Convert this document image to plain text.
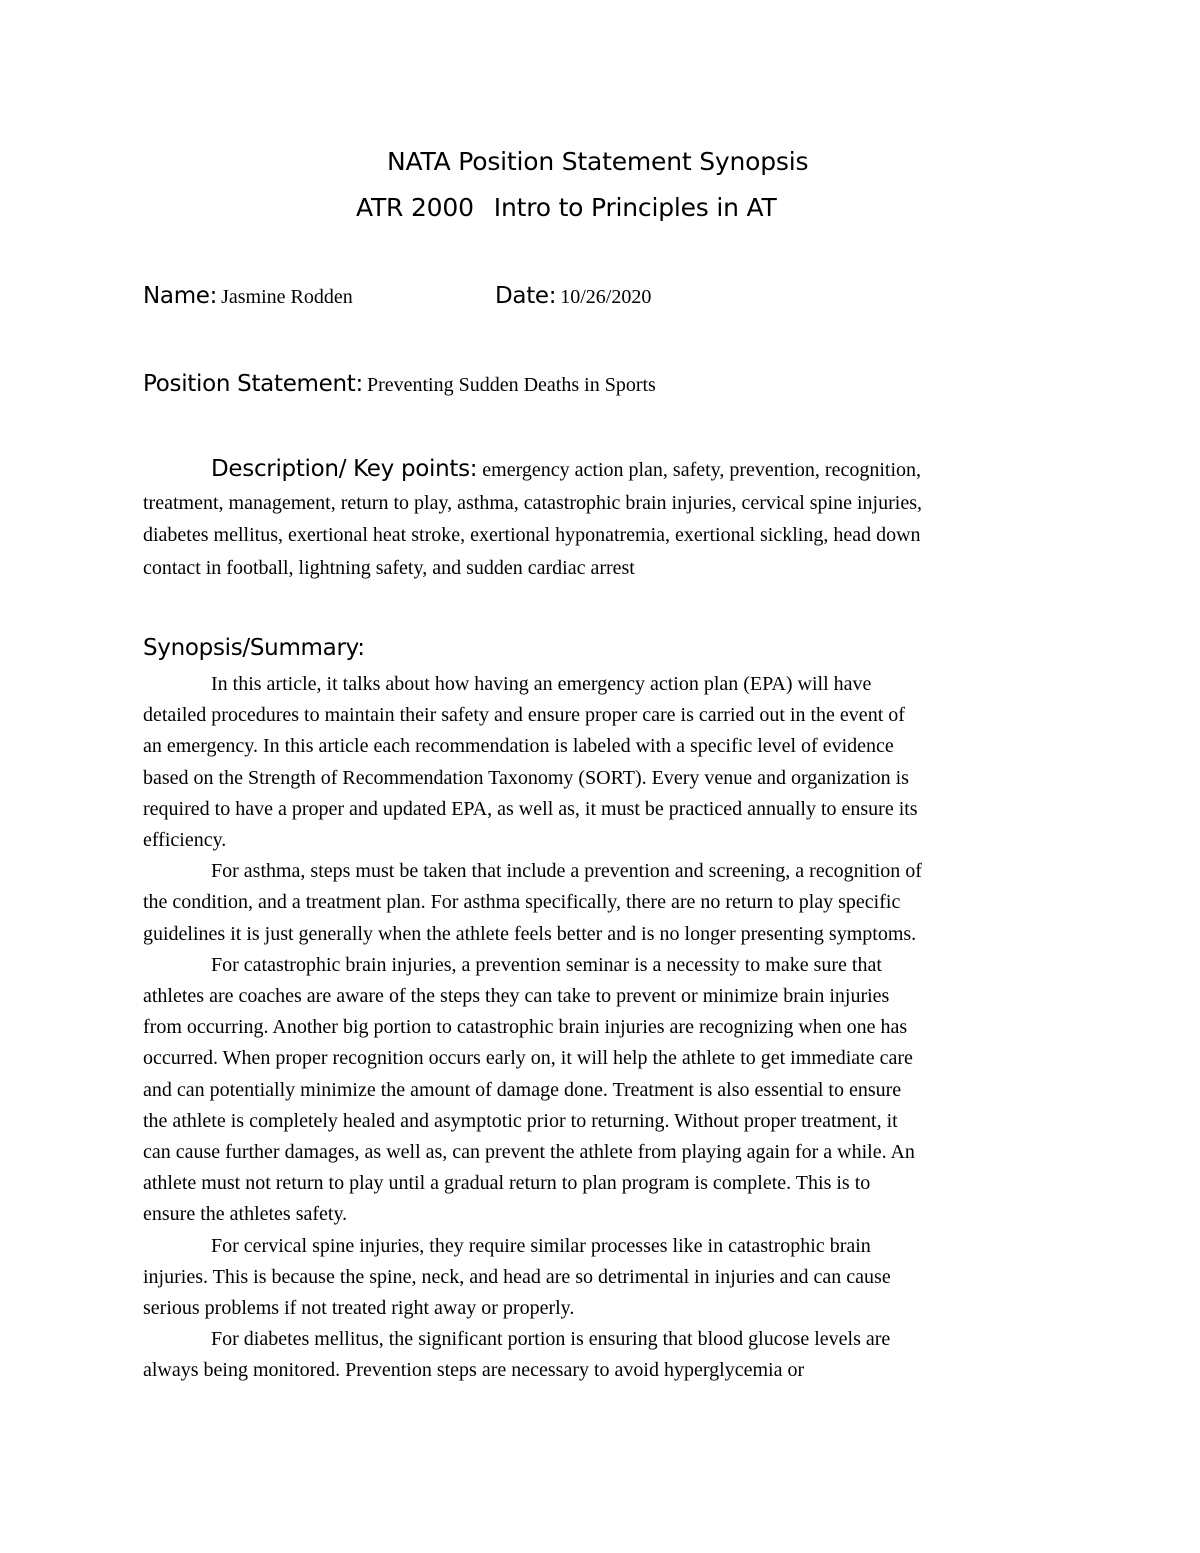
NATA Position Statement Synopsis
ATR 2000 Intro to Principles in AT
Name: Jasmine Rodden	Date: 10/26/2020
Position Statement: Preventing Sudden Deaths in Sports
Description/ Key points: emergency action plan, safety, prevention, recognition,
treatment, management, return to play, asthma, catastrophic brain injuries, cervical spine injuries,
diabetes mellitus, exertional heat stroke, exertional hyponatremia, exertional sickling, head down
contact in football, lightning safety, and sudden cardiac arrest
Synopsis/Summary:
In this article, it talks about how having an emergency action plan (EPA) will have
detailed procedures to maintain their safety and ensure proper care is carried out in the event of
an emergency. In this article each recommendation is labeled with a specific level of evidence
based on the Strength of Recommendation Taxonomy (SORT). Every venue and organization is
required to have a proper and updated EPA, as well as, it must be practiced annually to ensure its
efficiency.
For asthma, steps must be taken that include a prevention and screening, a recognition of
the condition, and a treatment plan. For asthma specifically, there are no return to play specific
guidelines it is just generally when the athlete feels better and is no longer presenting symptoms.
For catastrophic brain injuries, a prevention seminar is a necessity to make sure that
athletes are coaches are aware of the steps they can take to prevent or minimize brain injuries
from occurring. Another big portion to catastrophic brain injuries are recognizing when one has
occurred. When proper recognition occurs early on, it will help the athlete to get immediate care
and can potentially minimize the amount of damage done. Treatment is also essential to ensure
the athlete is completely healed and asymptotic prior to returning. Without proper treatment, it
can cause further damages, as well as, can prevent the athlete from playing again for a while. An
athlete must not return to play until a gradual return to plan program is complete. This is to
ensure the athletes safety.
For cervical spine injuries, they require similar processes like in catastrophic brain
injuries. This is because the spine, neck, and head are so detrimental in injuries and can cause
serious problems if not treated right away or properly.
For diabetes mellitus, the significant portion is ensuring that blood glucose levels are
always being monitored. Prevention steps are necessary to avoid hyperglycemia or
